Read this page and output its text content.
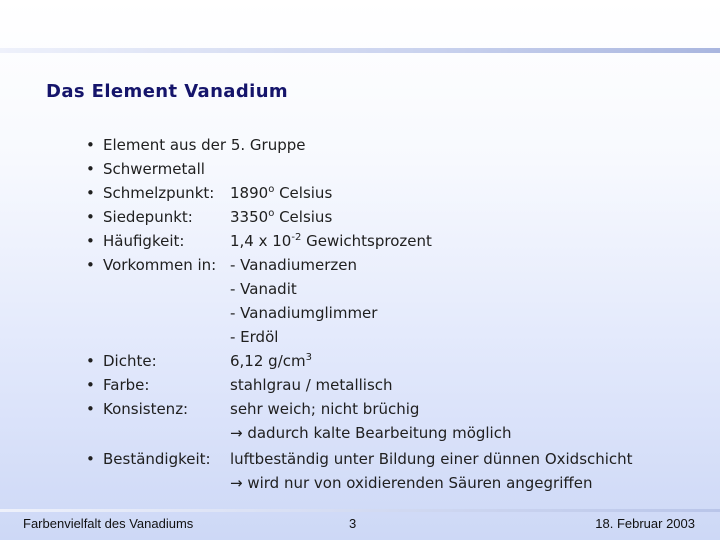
Das Element Vanadium
• Element aus der 5. Gruppe
• Schwermetall
• Schmelzpunkt: 1890$^o$ Celsius
• Siedepunkt: 3350$^o$ Celsius
• Häufigkeit:	1,4 x $10^{-2}$ Gewichtsprozent
• Vorkommen in: - Vanadiumerzen
- Vanadit
- Vanadiumglimmer
- Erdöl
• Dichte:	6,12 $g/cm^3$
• Farbe:	stahlgrau / metallisch
• Konsistenz:	sehr weich; nicht brüchig
→ dadurch kalte Bearbeitung möglich
• Beständigkeit: luftbeständig unter Bildung einer dünnen Oxidschicht
→ wird nur von oxidierenden Säuren angegriffen
Farbenvielfalt des Vanadiums	3	18. Februar 2003
